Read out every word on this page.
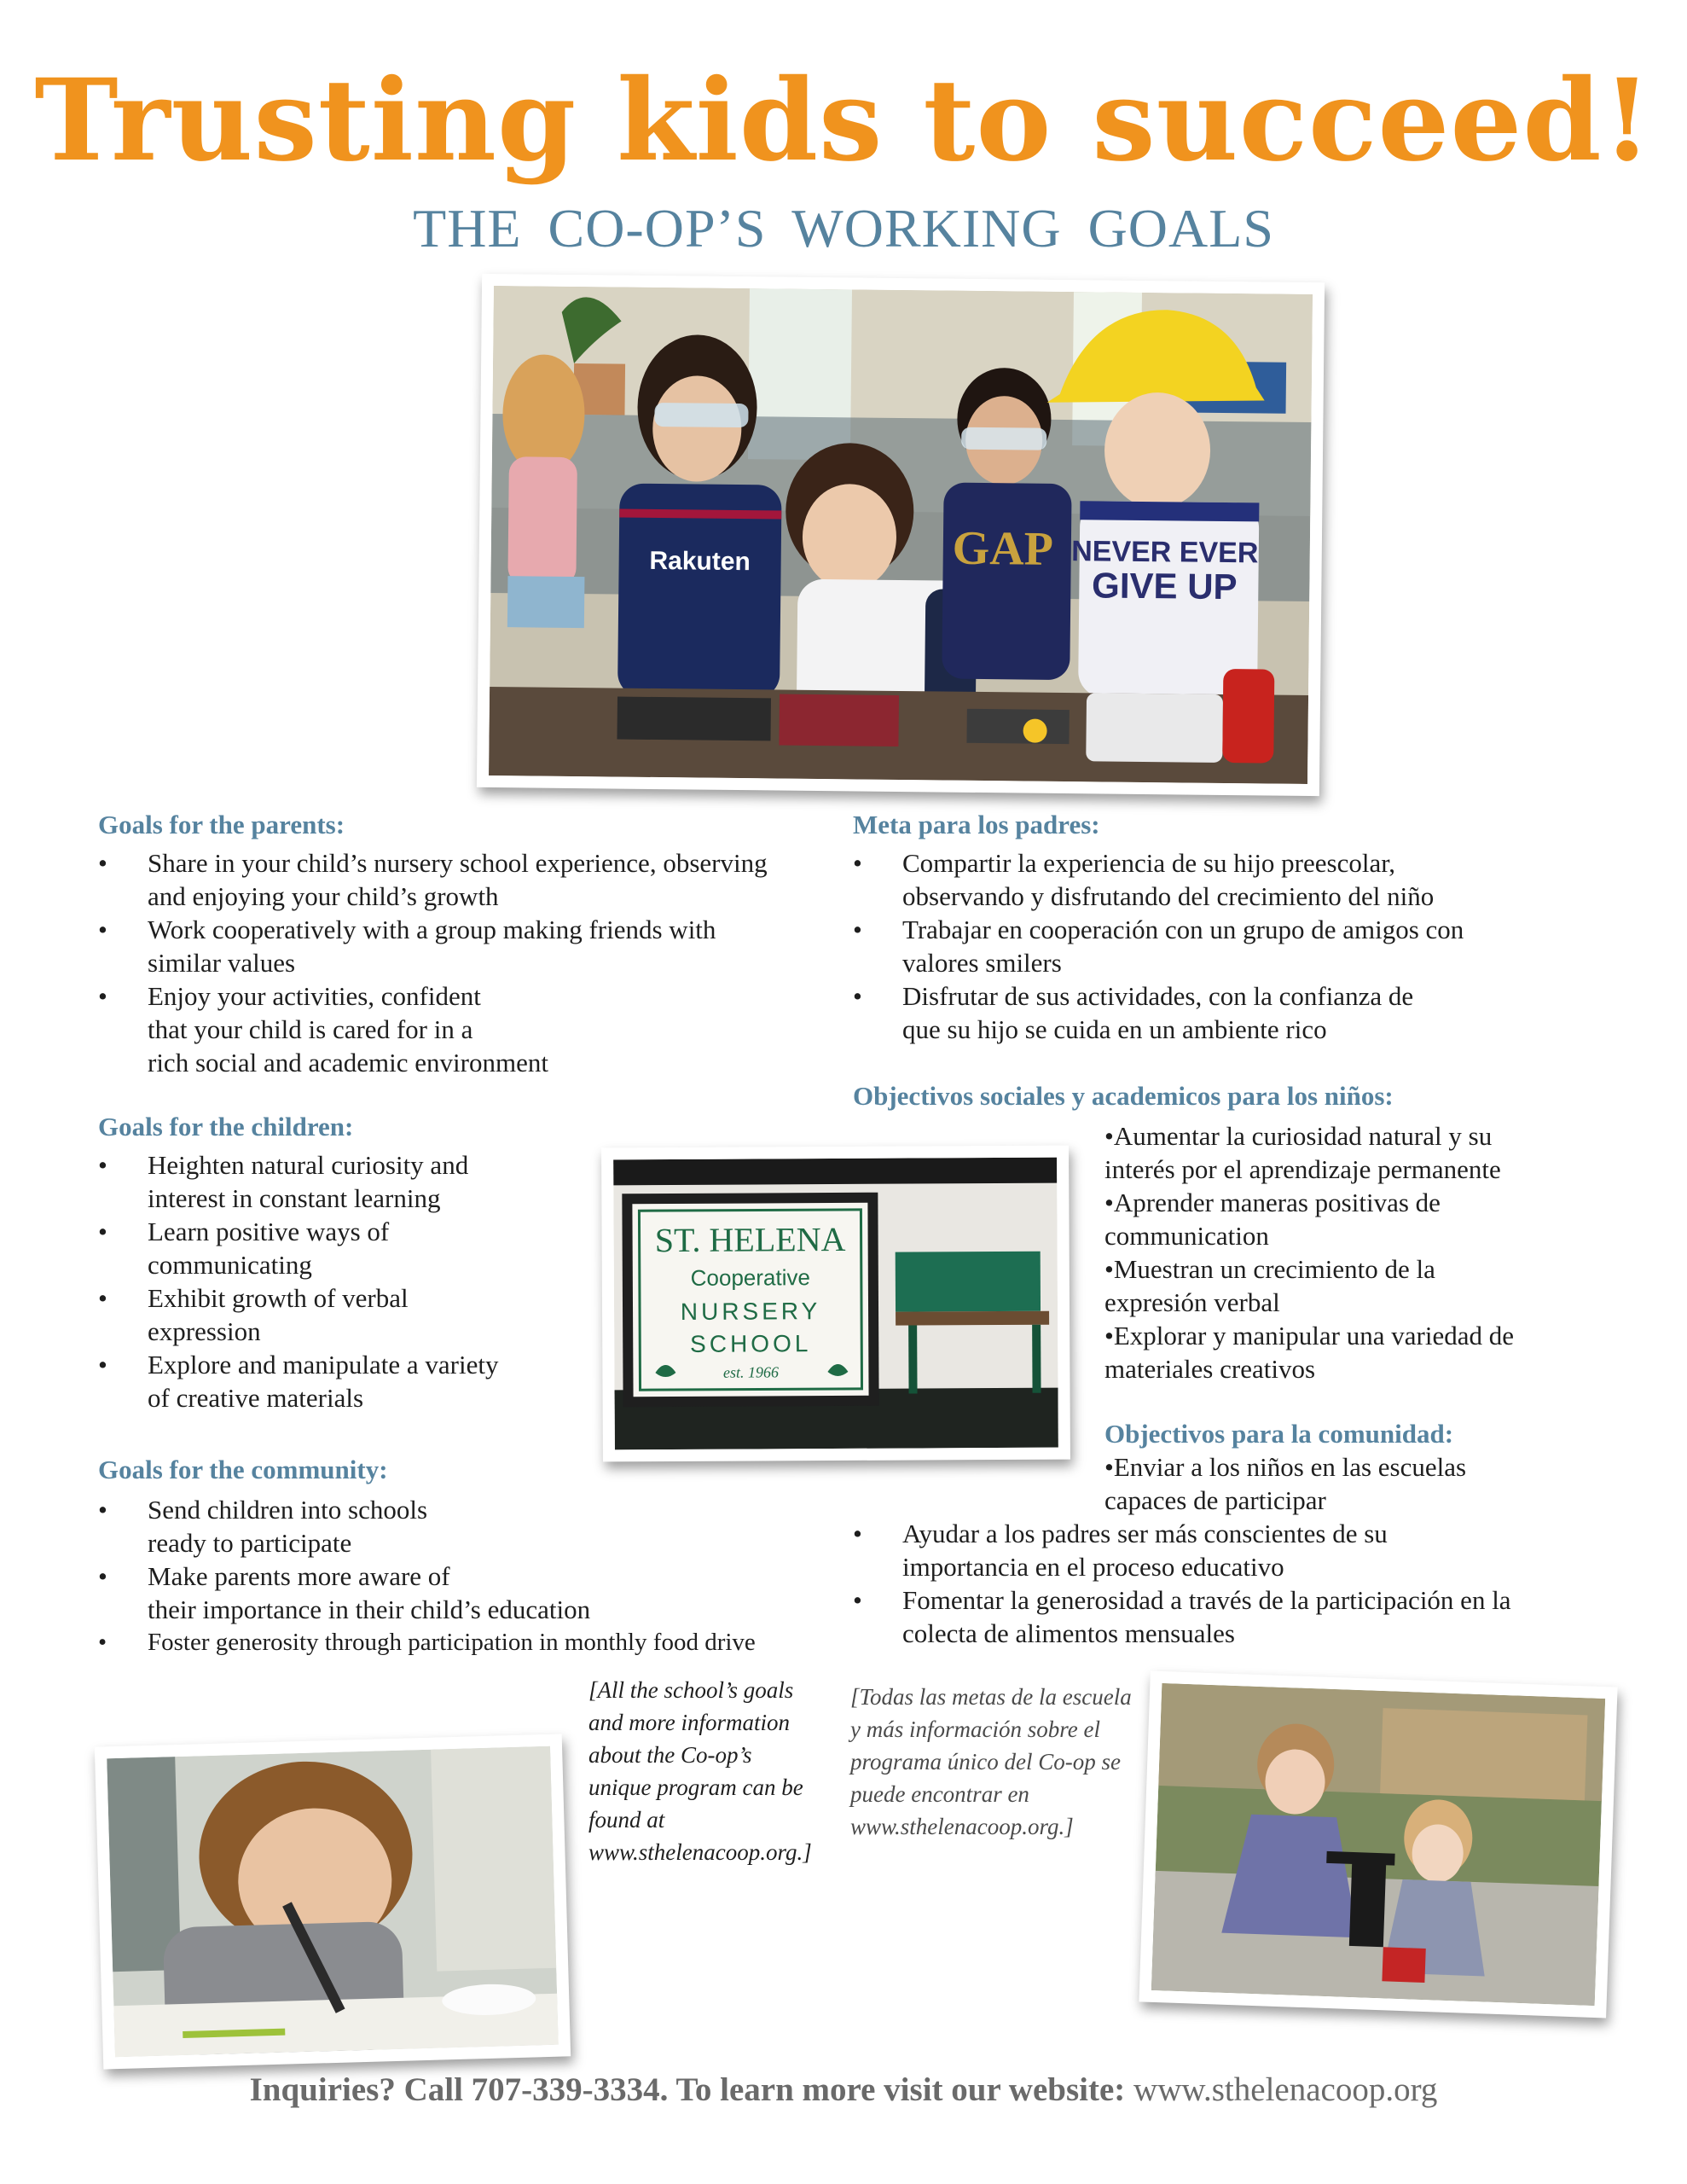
Trusting kids to succeed!
THE CO-OP’S WORKING GOALS
Rakuten	GAP NEVER EVER
GIVE UP
Goals for the parents:
• Share in your child’s nursery school experience, observing
and enjoying your child’s growth
• Work cooperatively with a group making friends with
similar values
• Enjoy your activities, confident
that your child is cared for in a
rich social and academic environment
Goals for the children:
• Heighten natural curiosity and
interest in constant learning
• Learn positive ways of
communicating
• Exhibit growth of verbal
expression
• Explore and manipulate a variety
of creative materials
Goals for the community:
• Send children into schools
ready to participate
• Make parents more aware of
their importance in their child’s education
•	Foster generosity through participation in monthly food drive
ST. HELENA
Cooperative
NURSERY
SCHOOL
est. 1966
[All the school’s goals
and more information
about the Co-op’s
unique program can be
found at
www.sthelenacoop.org.]
Meta para los padres:
• Compartir la experiencia de su hijo preescolar,
observando y disfrutando del crecimiento del niño
• Trabajar en cooperación con un grupo de amigos con
valores smilers
• Disfrutar de sus actividades, con la confianza de
que su hijo se cuida en un ambiente rico
Objectivos sociales y academicos para los niños:
•Aumentar la curiosidad natural y su
interés por el aprendizaje permanente
•Aprender maneras positivas de
communication
•Muestran un crecimiento de la
expresión verbal
•Explorar y manipular una variedad de
materiales creativos
Objectivos para la comunidad:
•Enviar a los niños en las escuelas
capaces de participar
• Ayudar a los padres ser más conscientes de su
importancia en el proceso educativo
• Fomentar la generosidad a través de la participación en la
colecta de alimentos mensuales
[Todas las metas de la escuela
y más información sobre el
programa único del Co-op se
puede encontrar en
www.sthelenacoop.org.]
Inquiries? Call 707-339-3334. To learn more visit our website: www.sthelenacoop.org
